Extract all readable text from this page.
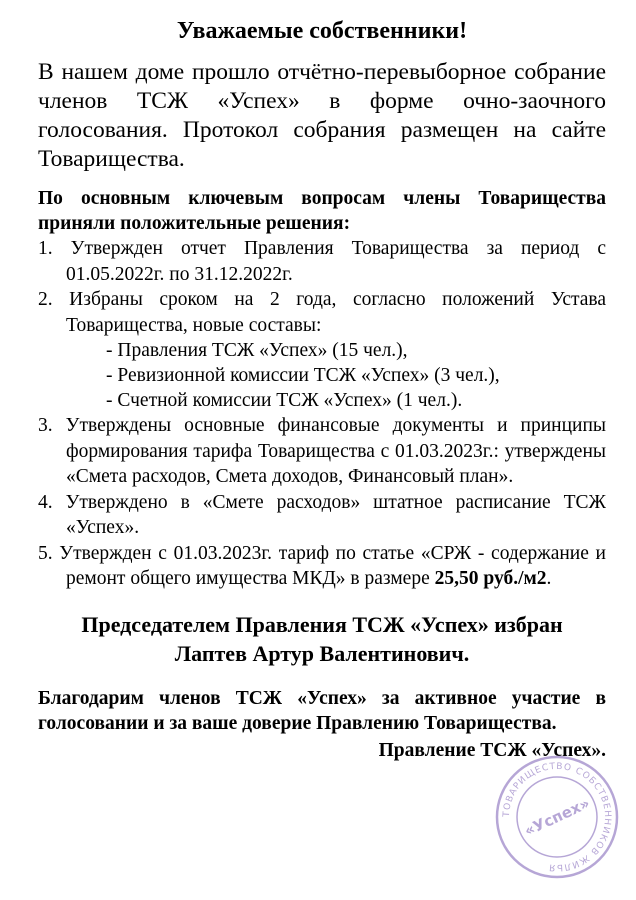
Уважаемые собственники!
В нашем доме прошло отчётно-перевыборное собрание членов ТСЖ «Успех» в форме очно-заочного голосования. Протокол собрания размещен на сайте Товарищества.
По основным ключевым вопросам члены Товарищества приняли положительные решения:
1. Утвержден отчет Правления Товарищества за период с 01.05.2022г. по 31.12.2022г.
2. Избраны сроком на 2 года, согласно положений Устава Товарищества, новые составы:
- Правления ТСЖ «Успех» (15 чел.),
- Ревизионной комиссии ТСЖ «Успех» (3 чел.),
- Счетной комиссии ТСЖ «Успех» (1 чел.).
3. Утверждены основные финансовые документы и принципы формирования тарифа Товарищества с 01.03.2023г.: утверждены «Смета расходов, Смета доходов, Финансовый план».
4. Утверждено в «Смете расходов» штатное расписание ТСЖ «Успех».
5. Утвержден с 01.03.2023г. тариф по статье «СРЖ - содержание и ремонт общего имущества МКД» в размере 25,50 руб./м2.
Председателем Правления ТСЖ «Успех» избран
Лаптев Артур Валентинович.
Благодарим членов ТСЖ «Успех» за активное участие в голосовании и за ваше доверие Правлению Товарищества.
Правление ТСЖ «Успех».
ТОВАРИЩЕСТВО СОБСТВЕННИКОВ ЖИЛЬЯ
«Успех»
